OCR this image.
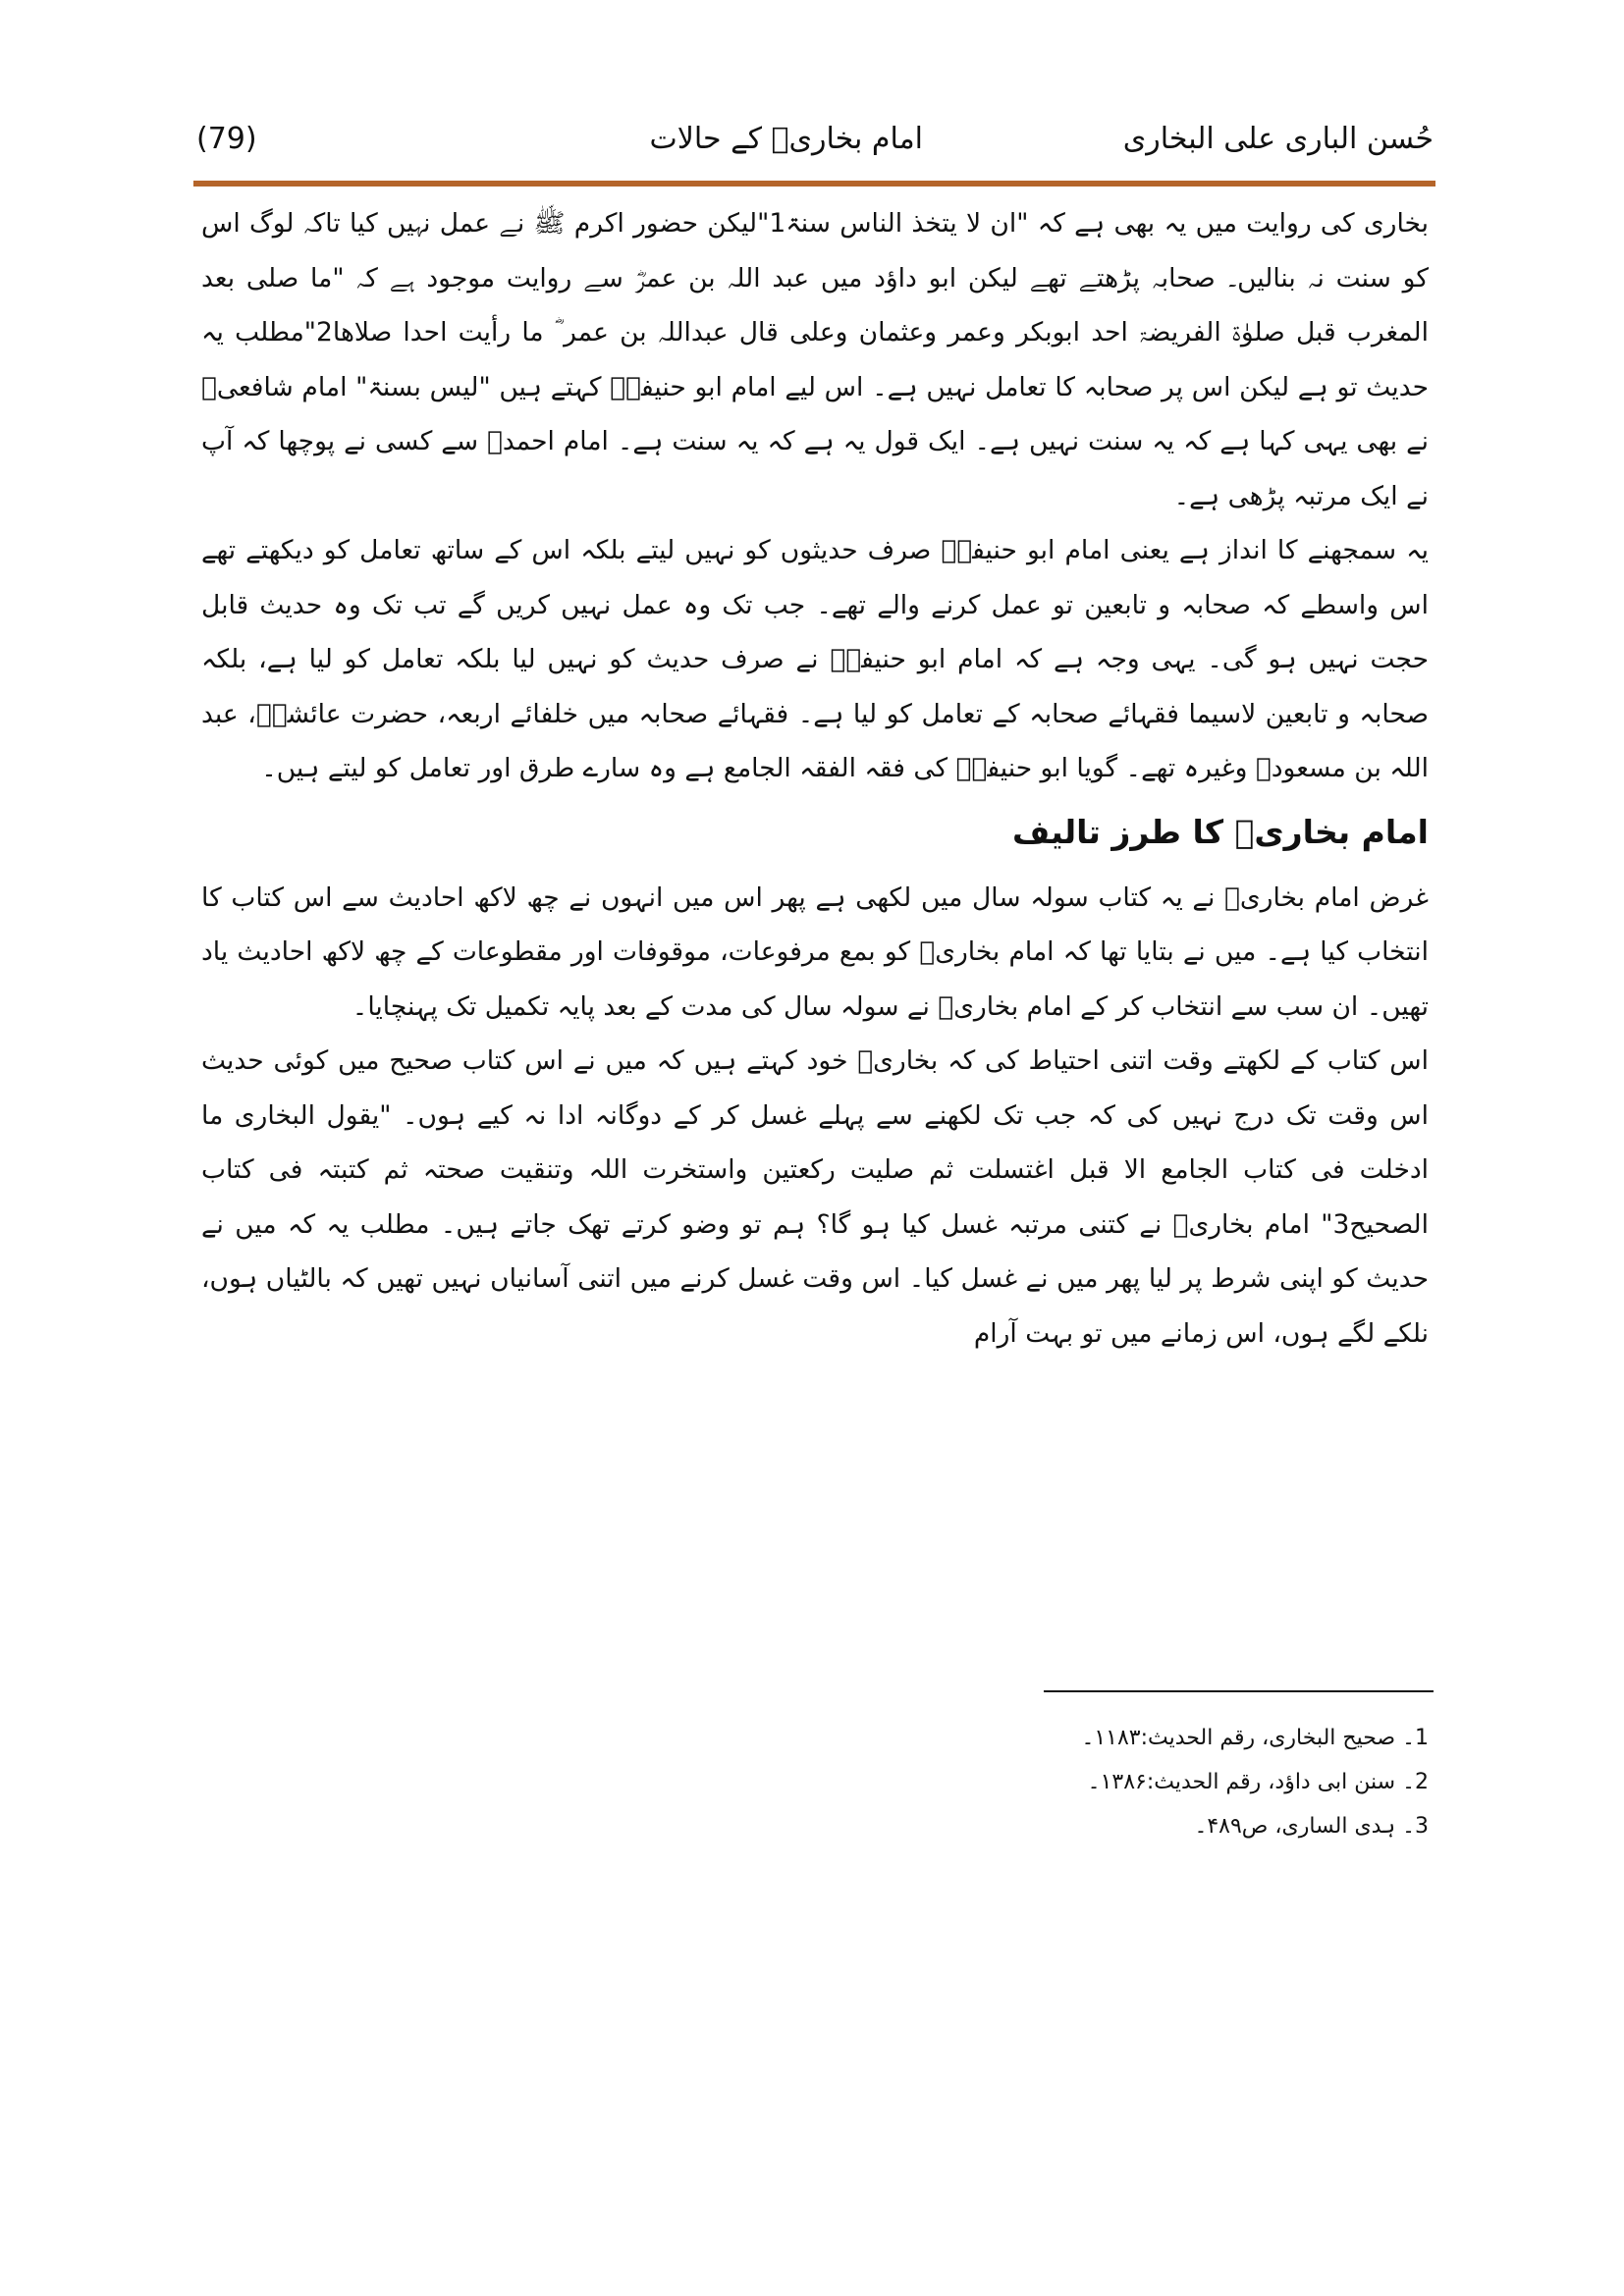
حُسن الباری علی البخاری
امام بخاریؒ کے حالات
(79)

بخاری کی روایت میں یہ بھی ہے کہ "ان لا یتخذ الناس سنۃ1"لیکن حضور اکرم ﷺ نے عمل نہیں کیا تاکہ لوگ اس کو سنت نہ بنالیں۔ صحابہ پڑھتے تھے لیکن ابو داؤد میں عبد اللہ بن عمرؓ سے روایت موجود ہے کہ "ما صلی بعد المغرب قبل صلوٰۃ الفریضۃ احد ابوبکر وعمر وعثمان وعلی قال عبداللہ بن عمر ؓ ما رأیت احدا صلاھا2"مطلب یہ حدیث تو ہے لیکن اس پر صحابہ کا تعامل نہیں ہے۔ اس لیے امام ابو حنیفہؒ کہتے ہیں "لیس بسنۃ" امام شافعیؒ نے بھی یہی کہا ہے کہ یہ سنت نہیں ہے۔ ایک قول یہ ہے کہ یہ سنت ہے۔ امام احمدؒ سے کسی نے پوچھا کہ آپ نے ایک مرتبہ پڑھی ہے۔

یہ سمجھنے کا انداز ہے یعنی امام ابو حنیفہؒ صرف حدیثوں کو نہیں لیتے بلکہ اس کے ساتھ تعامل کو دیکھتے تھے اس واسطے کہ صحابہ و تابعین تو عمل کرنے والے تھے۔ جب تک وہ عمل نہیں کریں گے تب تک وہ حدیث قابل حجت نہیں ہو گی۔ یہی وجہ ہے کہ امام ابو حنیفہؒ نے صرف حدیث کو نہیں لیا بلکہ تعامل کو لیا ہے، بلکہ صحابہ و تابعین لاسیما فقہائے صحابہ کے تعامل کو لیا ہے۔ فقہائے صحابہ میں خلفائے اربعہ، حضرت عائشہؓ، عبد اللہ بن مسعودؓ وغیرہ تھے۔ گویا ابو حنیفہؒ کی فقہ الفقہ الجامع ہے وہ سارے طرق اور تعامل کو لیتے ہیں۔

امام بخاریؒ کا طرز تالیف

غرض امام بخاریؒ نے یہ کتاب سولہ سال میں لکھی ہے پھر اس میں انہوں نے چھ لاکھ احادیث سے اس کتاب کا انتخاب کیا ہے۔ میں نے بتایا تھا کہ امام بخاریؒ کو بمع مرفوعات، موقوفات اور مقطوعات کے چھ لاکھ احادیث یاد تھیں۔ ان سب سے انتخاب کر کے امام بخاریؒ نے سولہ سال کی مدت کے بعد پایہ تکمیل تک پہنچایا۔

اس کتاب کے لکھتے وقت اتنی احتیاط کی کہ بخاریؒ خود کہتے ہیں کہ میں نے اس کتاب صحیح میں کوئی حدیث اس وقت تک درج نہیں کی کہ جب تک لکھنے سے پہلے غسل کر کے دوگانہ ادا نہ کیے ہوں۔ "یقول البخاری ما ادخلت فی کتاب الجامع الا قبل اغتسلت ثم صلیت رکعتین واستخرت اللہ وتنقیت صحتہ ثم کتبتہ فی کتاب الصحیح3" امام بخاریؒ نے کتنی مرتبہ غسل کیا ہو گا؟ ہم تو وضو کرتے تھک جاتے ہیں۔ مطلب یہ کہ میں نے حدیث کو اپنی شرط پر لیا پھر میں نے غسل کیا۔ اس وقت غسل کرنے میں اتنی آسانیاں نہیں تھیں کہ بالٹیاں ہوں، نلکے لگے ہوں، اس زمانے میں تو بہت آرام

1۔ صحیح البخاری، رقم الحدیث:۱۱۸۳۔
2۔ سنن ابی داؤد، رقم الحدیث:۱۳۸۶۔
3۔ ہدی الساری، ص۴۸۹۔
